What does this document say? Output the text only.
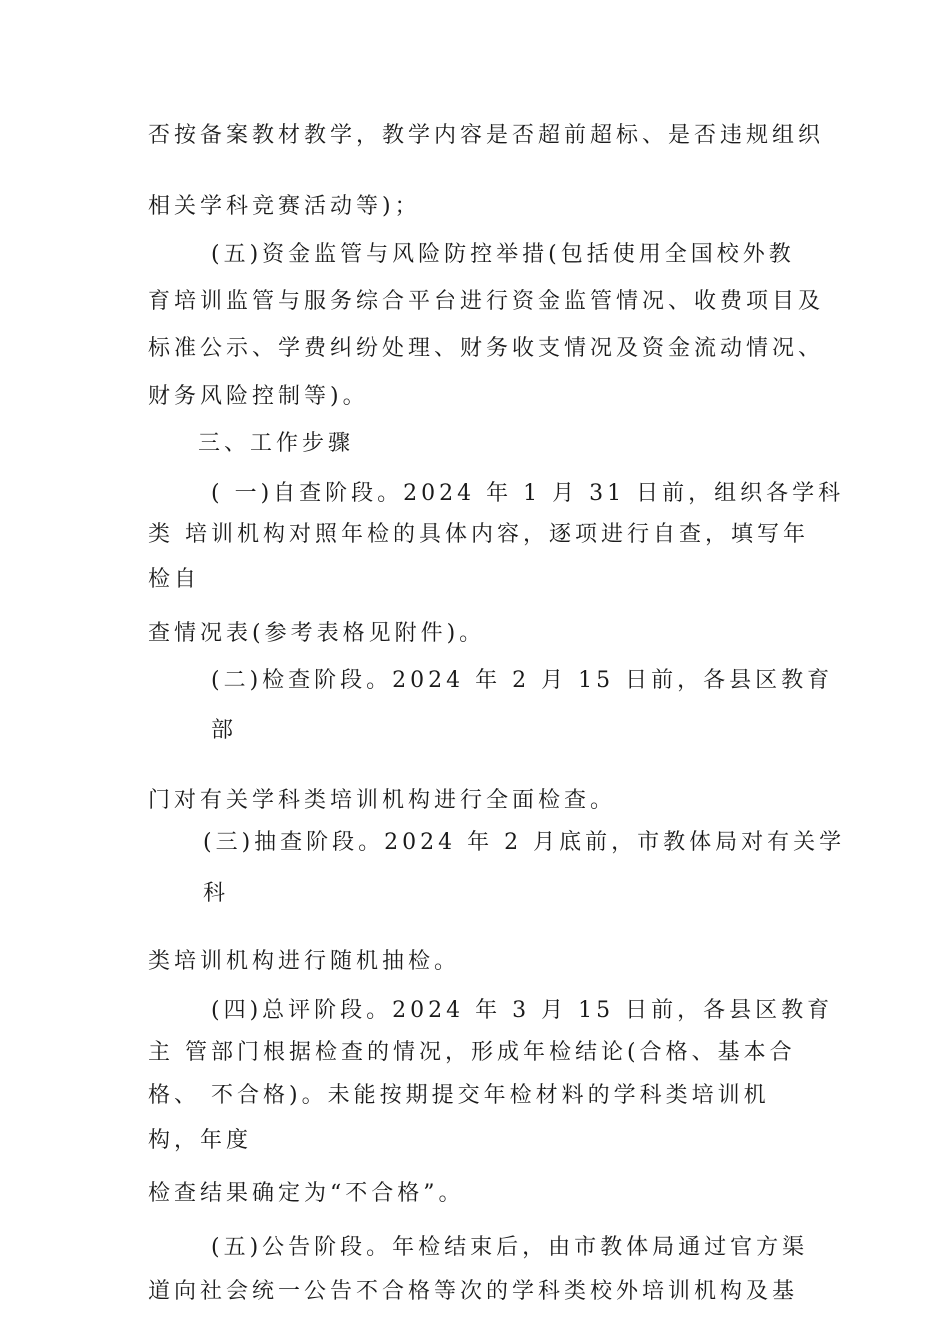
否按备案教材教学，教学内容是否超前超标、是否违规组织
相关学科竞赛活动等)；
(五)资金监管与风险防控举措(包括使用全国校外教
育培训监管与服务综合平台进行资金监管情况、收费项目及
标准公示、学费纠纷处理、财务收支情况及资金流动情况、
财务风险控制等)。
三、工作步骤
( 一)自查阶段。2024 年 1 月 31 日前，组织各学科
类 培训机构对照年检的具体内容，逐项进行自查，填写年
检自
查情况表(参考表格见附件)。
(二)检查阶段。2024 年 2 月 15 日前，各县区教育
部
门对有关学科类培训机构进行全面检查。
(三)抽查阶段。2024 年 2 月底前，市教体局对有关学
科
类培训机构进行随机抽检。
(四)总评阶段。2024 年 3 月 15 日前，各县区教育
主 管部门根据检查的情况，形成年检结论(合格、基本合
格、 不合格)。未能按期提交年检材料的学科类培训机
构，年度
检查结果确定为“不合格”。
(五)公告阶段。年检结束后，由市教体局通过官方渠
道向社会统一公告不合格等次的学科类校外培训机构及基
